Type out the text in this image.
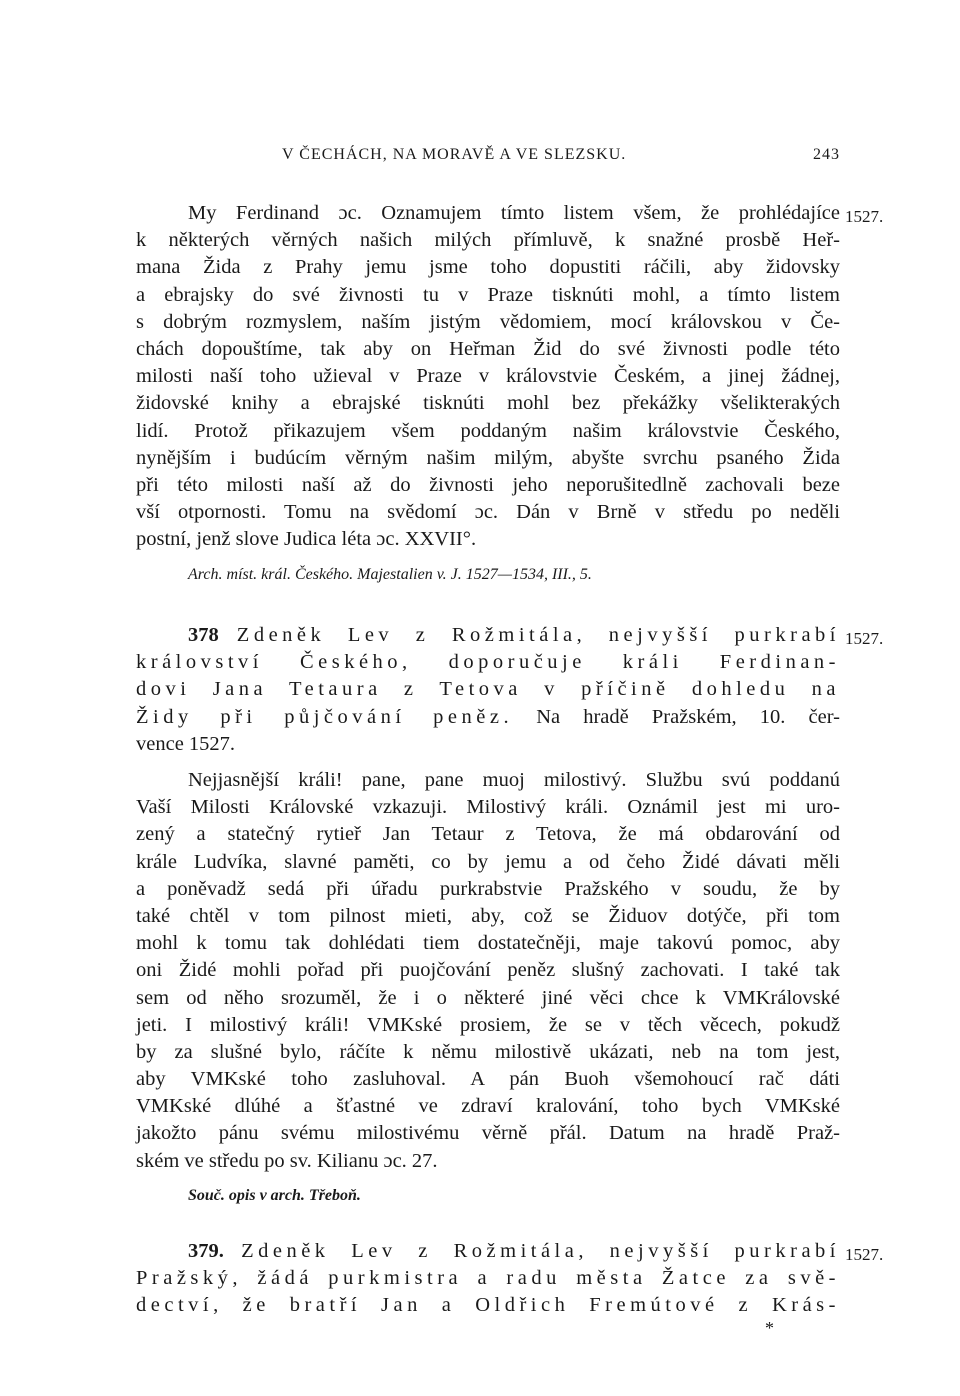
V ČECHÁCH, NA MORAVĚ A VE SLEZSKU.	243
1527.
My Ferdinand ɔc. Oznamujem tímto listem všem, že prohlédajíce
k některých věrných našich milých přímluvě, k snažné prosbě Heř-
mana Žida z Prahy jemu jsme toho dopustiti ráčili, aby židovsky
a ebrajsky do své živnosti tu v Praze tisknúti mohl, a tímto listem
s dobrým rozmyslem, naším jistým vědomiem, mocí královskou v Če-
chách dopouštíme, tak aby on Heřman Žid do své živnosti podle této
milosti naší toho užieval v Praze v královstvie Českém, a jinej žádnej,
židovské knihy a ebrajské tisknúti mohl bez překážky všelikterakých
lidí. Protož přikazujem všem poddaným našim královstvie Českého,
nynějším i budúcím věrným našim milým, abyšte svrchu psaného Žida
při této milosti naší až do živnosti jeho neporušitedlně zachovali beze
vší otpornosti. Tomu na svědomí ɔc. Dán v Brně v středu po neděli
postní, jenž slove Judica léta ɔc. XXVII°.
Arch. míst. král. Českého. Majestalien v. J. 1527—1534, III., 5.
1527.
378 Zdeněk Lev z Rožmitála, nejvyšší purkrabí
království Českého, doporučuje králi Ferdinan-
dovi Jana Tetaura z Tetova v příčině dohledu na
Židy při půjčování peněz. Na hradě Pražském, 10. čer-
vence 1527.
Nejjasnější králi! pane, pane muoj milostivý. Službu svú poddanú
Vaší Milosti Královské vzkazuji. Milostivý králi. Oznámil jest mi uro-
zený a statečný rytieř Jan Tetaur z Tetova, že má obdarování od
krále Ludvíka, slavné paměti, co by jemu a od čeho Židé dávati měli
a poněvadž sedá při úřadu purkrabstvie Pražského v soudu, že by
také chtěl v tom pilnost mieti, aby, což se Židuov dotýče, při tom
mohl k tomu tak dohlédati tiem dostatečněji, maje takovú pomoc, aby
oni Židé mohli pořad při puojčování peněz slušný zachovati. I také tak
sem od něho srozuměl, že i o některé jiné věci chce k VMKrálovské
jeti. I milostivý králi! VMKské prosiem, že se v těch věcech, pokudž
by za slušné bylo, ráčíte k němu milostivě ukázati, neb na tom jest,
aby VMKské toho zasluhoval. A pán Buoh všemohoucí rač dáti
VMKské dlúhé a šťastné ve zdraví kralování, toho bych VMKské
jakožto pánu svému milostivému věrně přál. Datum na hradě Praž-
ském ve středu po sv. Kilianu ɔc. 27.
Souč. opis v arch. Třeboň.
1527.
379. Zdeněk Lev z Rožmitála, nejvyšší purkrabí
Pražský, žádá purkmistra a radu města Žatce za svě-
dectví, že bratří Jan a Oldřich Fremútové z Krás-
*
